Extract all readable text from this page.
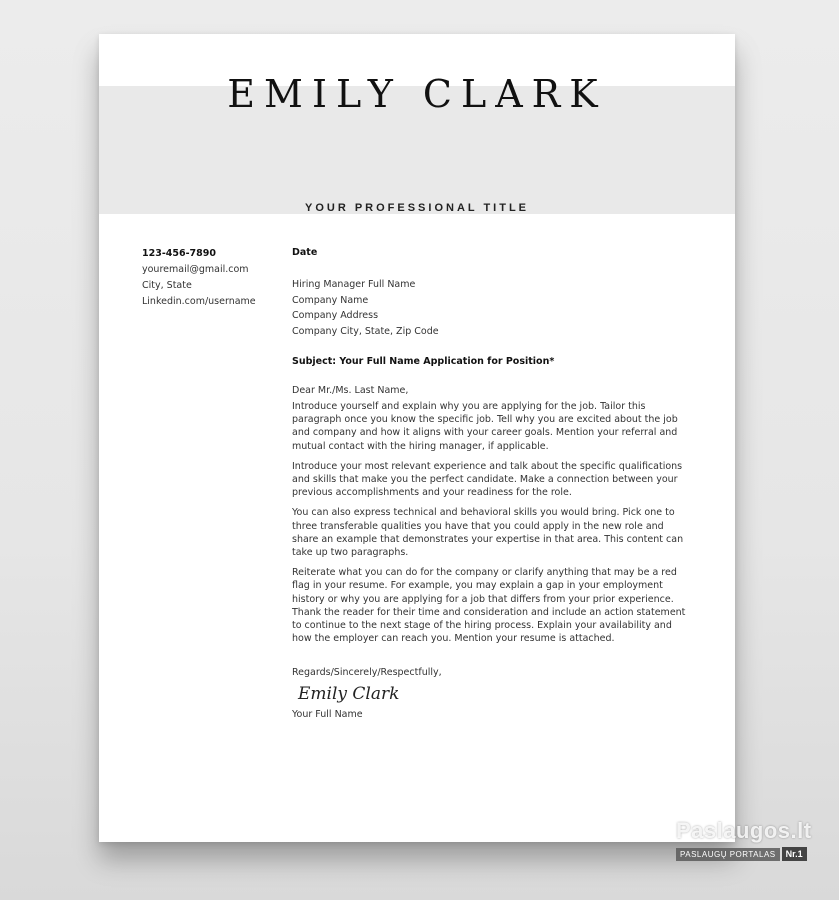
YOUR PROFESSIONAL TITLE
EMILY CLARK
123-456-7890
youremail@gmail.com
City, State
Linkedin.com/username
Date
Hiring Manager Full Name
Company Name
Company Address
Company City, State, Zip Code
Subject: Your Full Name Application for Position*
Dear Mr./Ms. Last Name,
Introduce yourself and explain why you are applying for the job. Tailor this paragraph once you know the specific job. Tell why you are excited about the job and company and how it aligns with your career goals. Mention your referral and mutual contact with the hiring manager, if applicable.
Introduce your most relevant experience and talk about the specific qualifications and skills that make you the perfect candidate. Make a connection between your previous accomplishments and your readiness for the role.
You can also express technical and behavioral skills you would bring. Pick one to three transferable qualities you have that you could apply in the new role and share an example that demonstrates your expertise in that area. This content can take up two paragraphs.
Reiterate what you can do for the company or clarify anything that may be a red flag in your resume. For example, you may explain a gap in your employment history or why you are applying for a job that differs from your prior experience. Thank the reader for their time and consideration and include an action statement to continue to the next stage of the hiring process. Explain your availability and how the employer can reach you. Mention your resume is attached.
Regards/Sincerely/Respectfully,
Emily Clark
Your Full Name
Paslaugos.lt
PASLAUGŲ PORTALAS	Nr.1
